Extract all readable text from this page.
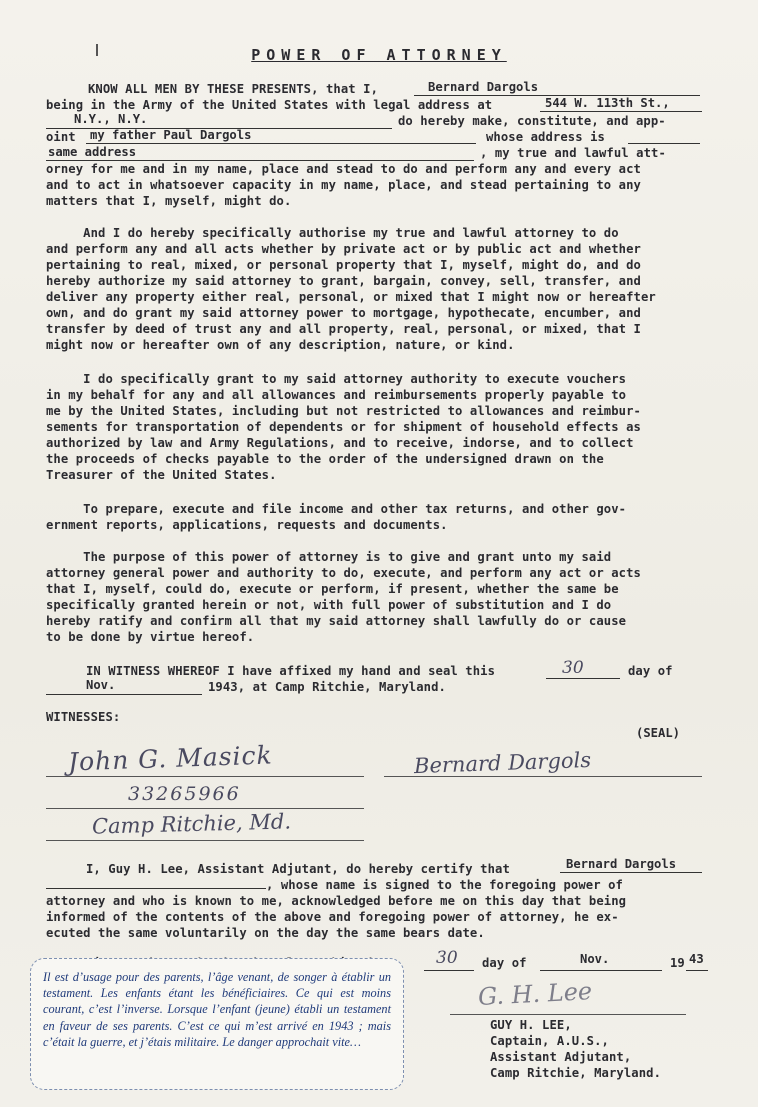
POWER OF ATTORNEY
KNOW ALL MEN BY THESE PRESENTS, that I,	Bernard Dargols
being in the Army of the United States with legal address at	544 W. 113th St.,
N.Y., N.Y.	do hereby make, constitute, and app-
oint my father Paul Dargols	whose address is
same address	, my true and lawful att-
orney for me and in my name, place and stead to do and perform any and every act
and to act in whatsoever capacity in my name, place, and stead pertaining to any
matters that I, myself, might do.
And I do hereby specifically authorise my true and lawful attorney to do
and perform any and all acts whether by private act or by public act and whether
pertaining to real, mixed, or personal property that I, myself, might do, and do
hereby authorize my said attorney to grant, bargain, convey, sell, transfer, and
deliver any property either real, personal, or mixed that I might now or hereafter
own, and do grant my said attorney power to mortgage, hypothecate, encumber, and
transfer by deed of trust any and all property, real, personal, or mixed, that I
might now or hereafter own of any description, nature, or kind.
I do specifically grant to my said attorney authority to execute vouchers
in my behalf for any and all allowances and reimbursements properly payable to
me by the United States, including but not restricted to allowances and reimbur-
sements for transportation of dependents or for shipment of household effects as
authorized by law and Army Regulations, and to receive, indorse, and to collect
the proceeds of checks payable to the order of the undersigned drawn on the
Treasurer of the United States.
To prepare, execute and file income and other tax returns, and other gov-
ernment reports, applications, requests and documents.
The purpose of this power of attorney is to give and grant unto my said
attorney general power and authority to do, execute, and perform any act or acts
that I, myself, could do, execute or perform, if present, whether the same be
specifically granted herein or not, with full power of substitution and I do
hereby ratify and confirm all that my said attorney shall lawfully do or cause
to be done by virtue hereof.
IN WITNESS WHEREOF I have affixed my hand and seal this	30	day of
Nov.	1943, at Camp Ritchie, Maryland.
WITNESSES:
(SEAL)
John G. Masick
33265966
Camp Ritchie, Md.
Bernard Dargols
I, Guy H. Lee, Assistant Adjutant, do hereby certify that	Bernard Dargols
, whose name is signed to the foregoing power of
attorney and who is known to me, acknowledged before me on this day that being
informed of the contents of the above and foregoing power of attorney, he ex-
ecuted the same voluntarily on the day the same bears date.
30 day of	Nov.	19 43
G. H. Lee
GUY H. LEE,
Captain, A.U.S.,
Assistant Adjutant,
Camp Ritchie, Maryland.
Il est d’usage pour des parents, l’âge venant, de songer à établir un testament. Les enfants étant les bénéficiaires. Ce qui est moins courant, c’est l’inverse. Lorsque l’enfant (jeune) établi un testament en faveur de ses parents. C’est ce qui m’est arrivé en 1943 ; mais c’était la guerre, et j’étais militaire. Le danger approchait vite…
